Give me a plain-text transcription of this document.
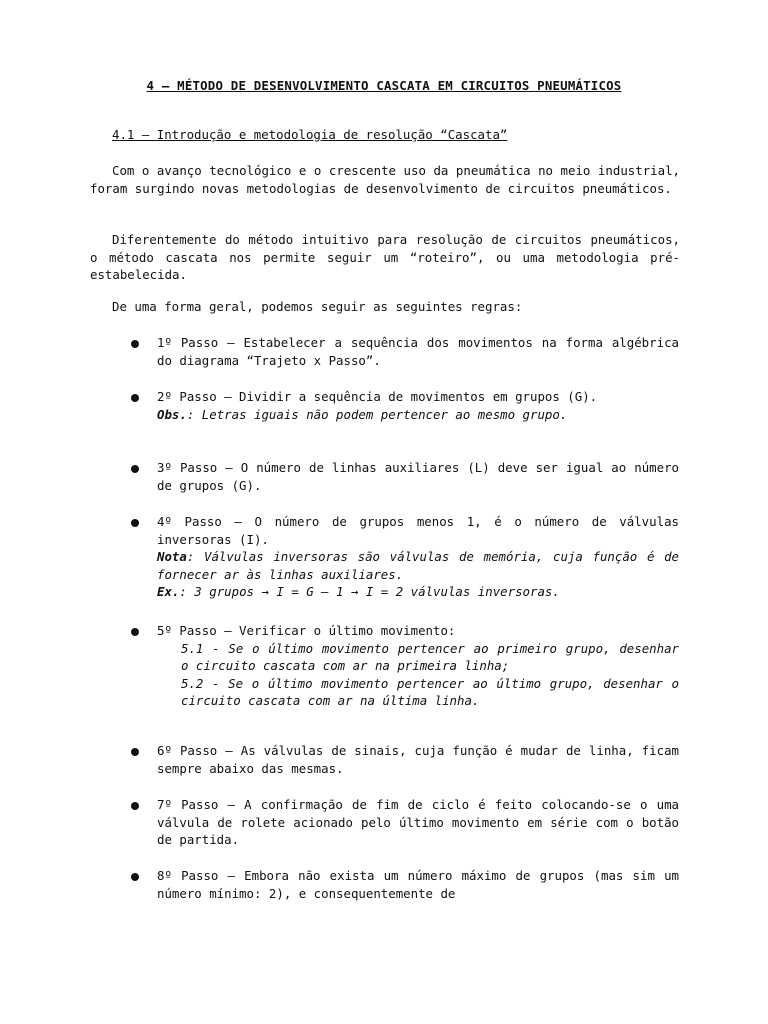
4 – MÉTODO DE DESENVOLVIMENTO CASCATA EM CIRCUITOS PNEUMÁTICOS
4.1 – Introdução e metodologia de resolução “Cascata”

Com o avanço tecnológico e o crescente uso da pneumática no meio industrial, foram surgindo novas metodologias de desenvolvimento de circuitos pneumáticos.

Diferentemente do método intuitivo para resolução de circuitos pneumáticos, o método cascata nos permite seguir um “roteiro”, ou uma metodologia pré-estabelecida.

De uma forma geral, podemos seguir as seguintes regras:

1º Passo – Estabelecer a sequência dos movimentos na forma algébrica do diagrama “Trajeto x Passo”.
2º Passo – Dividir a sequência de movimentos em grupos (G).
Obs.: Letras iguais não podem pertencer ao mesmo grupo.
3º Passo – O número de linhas auxiliares (L) deve ser igual ao número de grupos (G).
4º Passo – O número de grupos menos 1, é o número de válvulas inversoras (I).
Nota: Válvulas inversoras são válvulas de memória, cuja função é de fornecer ar às linhas auxiliares.
Ex.: 3 grupos → I = G – 1 → I = 2 válvulas inversoras.
5º Passo – Verificar o último movimento:
5.1 - Se o último movimento pertencer ao primeiro grupo, desenhar o circuito cascata com ar na primeira linha;
5.2 - Se o último movimento pertencer ao último grupo, desenhar o circuito cascata com ar na última linha.
6º Passo – As válvulas de sinais, cuja função é mudar de linha, ficam sempre abaixo das mesmas.
7º Passo – A confirmação de fim de ciclo é feito colocando-se o uma válvula de rolete acionado pelo último movimento em série com o botão de partida.
8º Passo – Embora não exista um número máximo de grupos (mas sim um número mínimo: 2), e consequentemente de
